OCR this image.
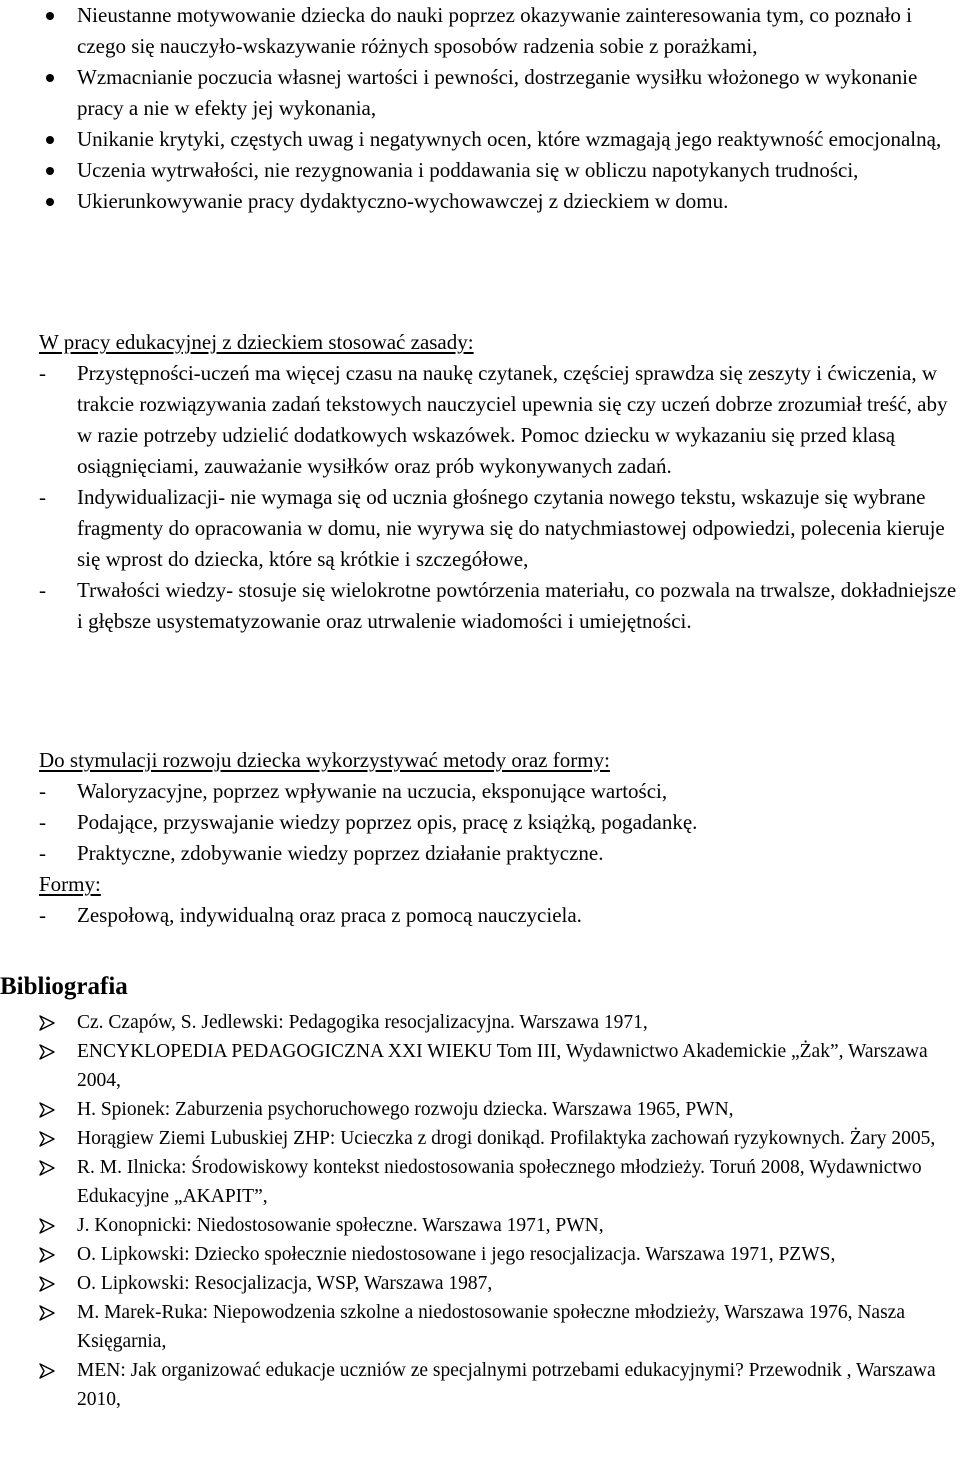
Nieustanne motywowanie dziecka do nauki poprzez okazywanie zainteresowania tym, co poznało i czego się nauczyło-wskazywanie różnych sposobów radzenia sobie z porażkami,
Wzmacnianie poczucia własnej wartości i pewności, dostrzeganie wysiłku włożonego w wykonanie pracy a nie w efekty jej wykonania,
Unikanie krytyki, częstych uwag i negatywnych ocen, które wzmagają jego reaktywność emocjonalną,
Uczenia wytrwałości, nie rezygnowania i poddawania się w obliczu napotykanych trudności,
Ukierunkowywanie pracy dydaktyczno-wychowawczej z dzieckiem w domu.
W pracy edukacyjnej z dzieckiem stosować zasady:
- Przystępności-uczeń ma więcej czasu na naukę czytanek, częściej sprawdza się zeszyty i ćwiczenia, w trakcie rozwiązywania zadań tekstowych nauczyciel upewnia się czy uczeń dobrze zrozumiał treść, aby w razie potrzeby udzielić dodatkowych wskazówek. Pomoc dziecku w wykazaniu się przed klasą osiągnięciami, zauważanie wysiłków oraz prób wykonywanych zadań.
- Indywidualizacji- nie wymaga się od ucznia głośnego czytania nowego tekstu, wskazuje się wybrane fragmenty do opracowania w domu, nie wyrywa się do natychmiastowej odpowiedzi, polecenia kieruje się wprost do dziecka, które są krótkie i szczegółowe,
- Trwałości wiedzy- stosuje się wielokrotne powtórzenia materiału, co pozwala na trwalsze, dokładniejsze i głębsze usystematyzowanie oraz utrwalenie wiadomości i umiejętności.
Do stymulacji rozwoju dziecka wykorzystywać metody oraz formy:
- Waloryzacyjne, poprzez wpływanie na uczucia, eksponujące wartości,
- Podające, przyswajanie wiedzy poprzez opis, pracę z książką, pogadankę.
- Praktyczne, zdobywanie wiedzy poprzez działanie praktyczne.
Formy:
- Zespołową, indywidualną oraz praca z pomocą nauczyciela.
Bibliografia
Cz. Czapów, S. Jedlewski: Pedagogika resocjalizacyjna. Warszawa 1971,
ENCYKLOPEDIA PEDAGOGICZNA XXI WIEKU Tom III, Wydawnictwo Akademickie „Żak”, Warszawa 2004,
H. Spionek: Zaburzenia psychoruchowego rozwoju dziecka. Warszawa 1965, PWN,
Horągiew Ziemi Lubuskiej ZHP: Ucieczka z drogi donikąd. Profilaktyka zachowań ryzykownych. Żary 2005,
R. M. Ilnicka: Środowiskowy kontekst niedostosowania społecznego młodzieży. Toruń 2008, Wydawnictwo Edukacyjne „AKAPIT”,
J. Konopnicki: Niedostosowanie społeczne. Warszawa 1971, PWN,
O. Lipkowski: Dziecko społecznie niedostosowane i jego resocjalizacja. Warszawa 1971, PZWS,
O. Lipkowski: Resocjalizacja, WSP, Warszawa 1987,
M. Marek-Ruka: Niepowodzenia szkolne a niedostosowanie społeczne młodzieży, Warszawa 1976, Nasza Księgarnia,
MEN: Jak organizować edukacje uczniów ze specjalnymi potrzebami edukacyjnymi? Przewodnik , Warszawa 2010,
